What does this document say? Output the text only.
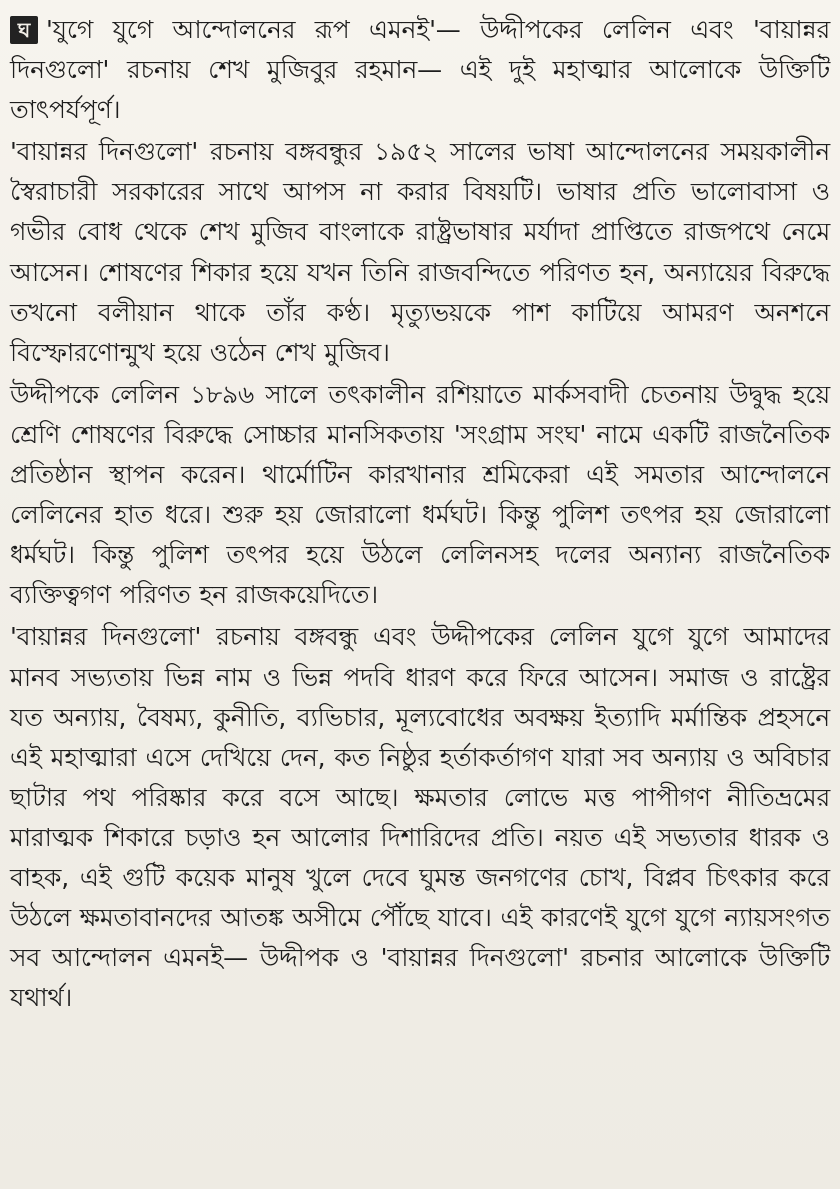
ঘ 'যুগে যুগে আন্দোলনের রূপ এমনই'— উদ্দীপকের লেলিন এবং 'বায়ান্নর দিনগুলো' রচনায় শেখ মুজিবুর রহমান— এই দুই মহাত্মার আলোকে উক্তিটি তাৎপর্যপূর্ণ।

'বায়ান্নর দিনগুলো' রচনায় বঙ্গবন্ধুর ১৯৫২ সালের ভাষা আন্দোলনের সময়কালীন স্বৈরাচারী সরকারের সাথে আপস না করার বিষয়টি। ভাষার প্রতি ভালোবাসা ও গভীর বোধ থেকে শেখ মুজিব বাংলাকে রাষ্ট্রভাষার মর্যাদা প্রাপ্তিতে রাজপথে নেমে আসেন। শোষণের শিকার হয়ে যখন তিনি রাজবন্দিতে পরিণত হন, অন্যায়ের বিরুদ্ধে তখনো বলীয়ান থাকে তাঁর কণ্ঠ। মৃত্যুভয়কে পাশ কাটিয়ে আমরণ অনশনে বিস্ফোরণোন্মুখ হয়ে ওঠেন শেখ মুজিব।

উদ্দীপকে লেলিন ১৮৯৬ সালে তৎকালীন রশিয়াতে মার্কসবাদী চেতনায় উদ্বুদ্ধ হয়ে শ্রেণি শোষণের বিরুদ্ধে সোচ্চার মানসিকতায় 'সংগ্রাম সংঘ' নামে একটি রাজনৈতিক প্রতিষ্ঠান স্থাপন করেন। থার্মোটিন কারখানার শ্রমিকেরা এই সমতার আন্দোলনে লেলিনের হাত ধরে। শুরু হয় জোরালো ধর্মঘট। কিন্তু পুলিশ তৎপর হয় জোরালো ধর্মঘট। কিন্তু পুলিশ তৎপর হয়ে উঠলে লেলিনসহ দলের অন্যান্য রাজনৈতিক ব্যক্তিত্বগণ পরিণত হন রাজকয়েদিতে।

'বায়ান্নর দিনগুলো' রচনায় বঙ্গবন্ধু এবং উদ্দীপকের লেলিন যুগে যুগে আমাদের মানব সভ্যতায় ভিন্ন নাম ও ভিন্ন পদবি ধারণ করে ফিরে আসেন। সমাজ ও রাষ্ট্রের যত অন্যায়, বৈষম্য, কুনীতি, ব্যভিচার, মূল্যবোধের অবক্ষয় ইত্যাদি মর্মান্তিক প্রহসনে এই মহাত্মারা এসে দেখিয়ে দেন, কত নিষ্ঠুর হর্তাকর্তাগণ যারা সব অন্যায় ও অবিচার ছাটার পথ পরিষ্কার করে বসে আছে। ক্ষমতার লোভে মত্ত পাপীগণ নীতিভ্রমের মারাত্মক শিকারে চড়াও হন আলোর দিশারিদের প্রতি। নয়ত এই সভ্যতার ধারক ও বাহক, এই গুটি কয়েক মানুষ খুলে দেবে ঘুমন্ত জনগণের চোখ, বিপ্লব চিৎকার করে উঠলে ক্ষমতাবানদের আতঙ্ক অসীমে পৌঁছে যাবে। এই কারণেই যুগে যুগে ন্যায়সংগত সব আন্দোলন এমনই— উদ্দীপক ও 'বায়ান্নর দিনগুলো' রচনার আলোকে উক্তিটি যথার্থ।
